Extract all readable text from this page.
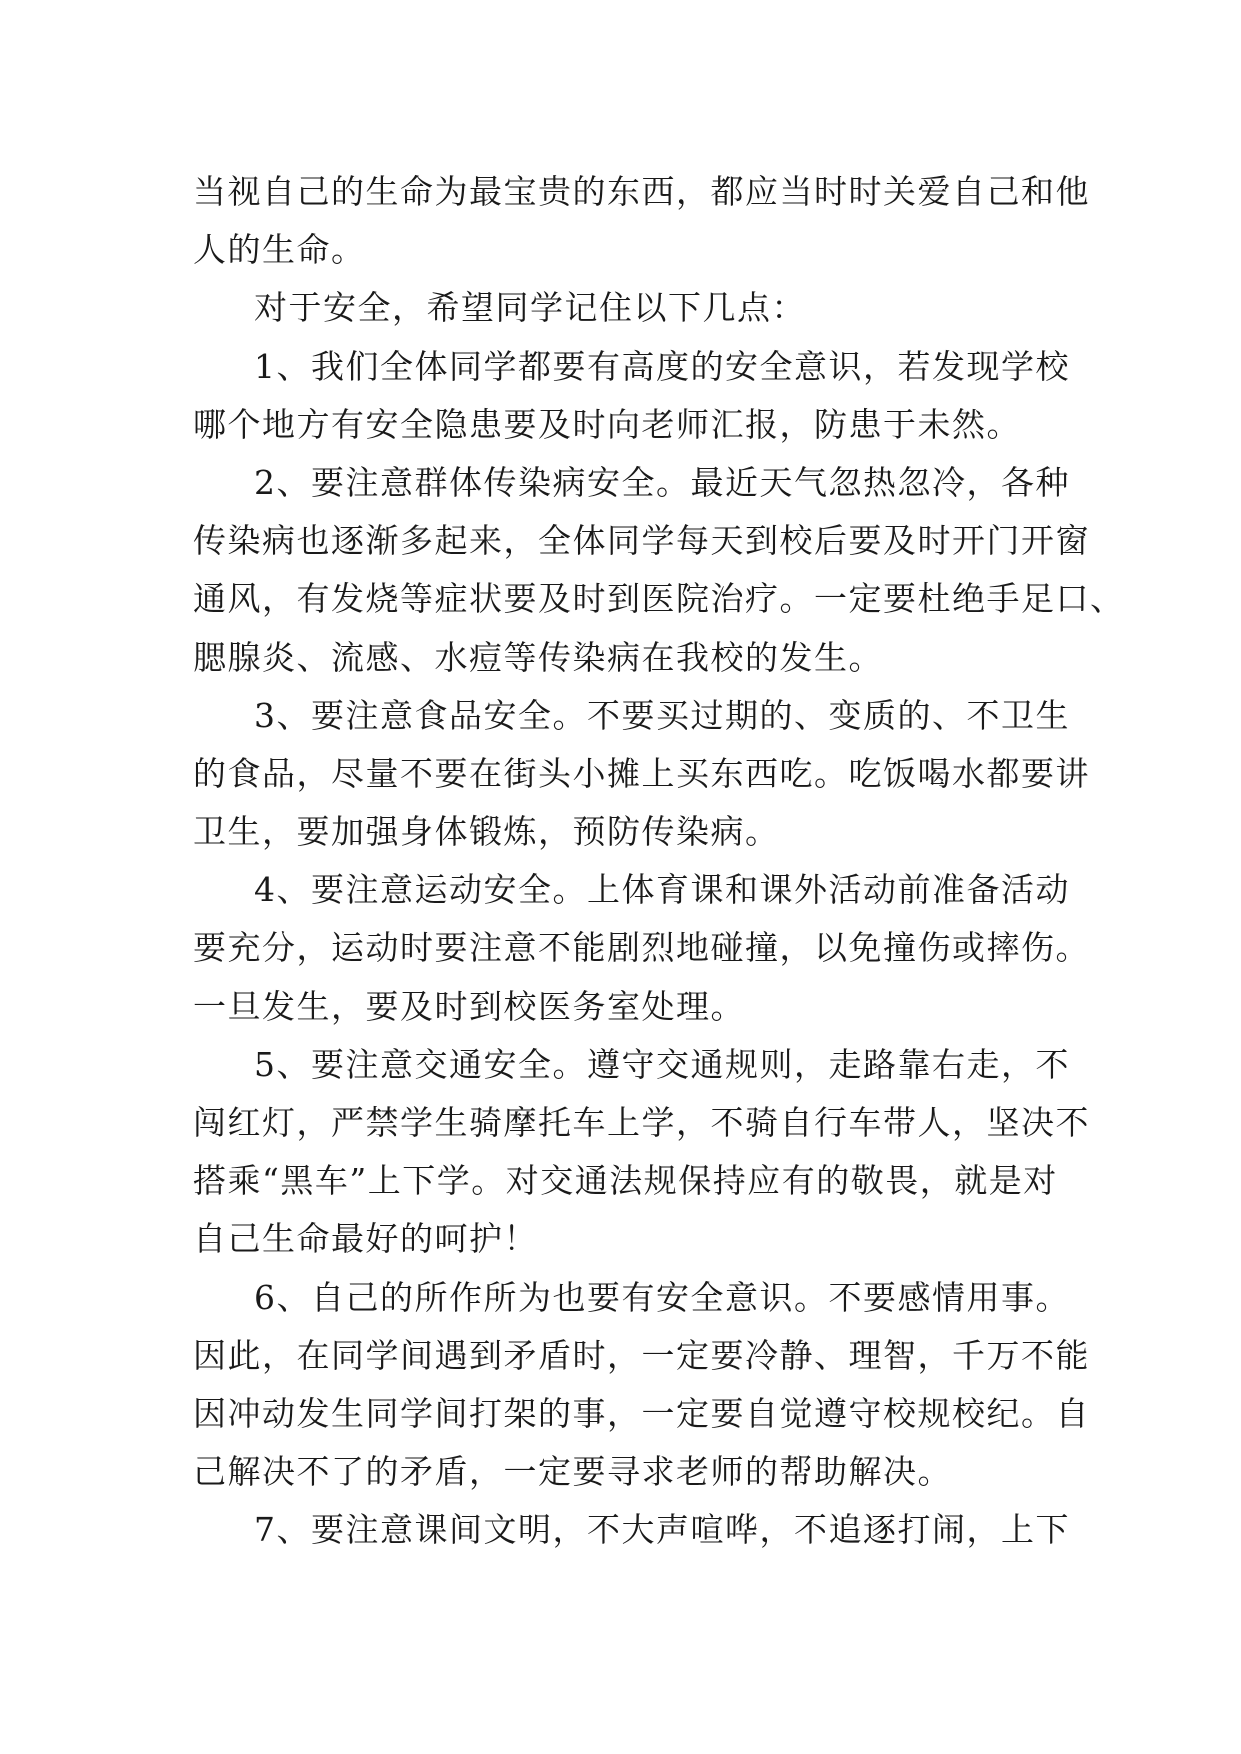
当视自己的生命为最宝贵的东西，都应当时时关爱自己和他
人的生命。
对于安全，希望同学记住以下几点：
1、我们全体同学都要有高度的安全意识，若发现学校
哪个地方有安全隐患要及时向老师汇报，防患于未然。
2、要注意群体传染病安全。最近天气忽热忽冷，各种
传染病也逐渐多起来，全体同学每天到校后要及时开门开窗
通风，有发烧等症状要及时到医院治疗。一定要杜绝手足口、
腮腺炎、流感、水痘等传染病在我校的发生。
3、要注意食品安全。不要买过期的、变质的、不卫生
的食品，尽量不要在街头小摊上买东西吃。吃饭喝水都要讲
卫生，要加强身体锻炼，预防传染病。
4、要注意运动安全。上体育课和课外活动前准备活动
要充分，运动时要注意不能剧烈地碰撞，以免撞伤或摔伤。
一旦发生，要及时到校医务室处理。
5、要注意交通安全。遵守交通规则，走路靠右走，不
闯红灯，严禁学生骑摩托车上学，不骑自行车带人，坚决不
搭乘“黑车”上下学。对交通法规保持应有的敬畏，就是对
自己生命最好的呵护！
6、自己的所作所为也要有安全意识。不要感情用事。
因此，在同学间遇到矛盾时，一定要冷静、理智，千万不能
因冲动发生同学间打架的事，一定要自觉遵守校规校纪。自
己解决不了的矛盾，一定要寻求老师的帮助解决。
7、要注意课间文明，不大声喧哗，不追逐打闹，上下
